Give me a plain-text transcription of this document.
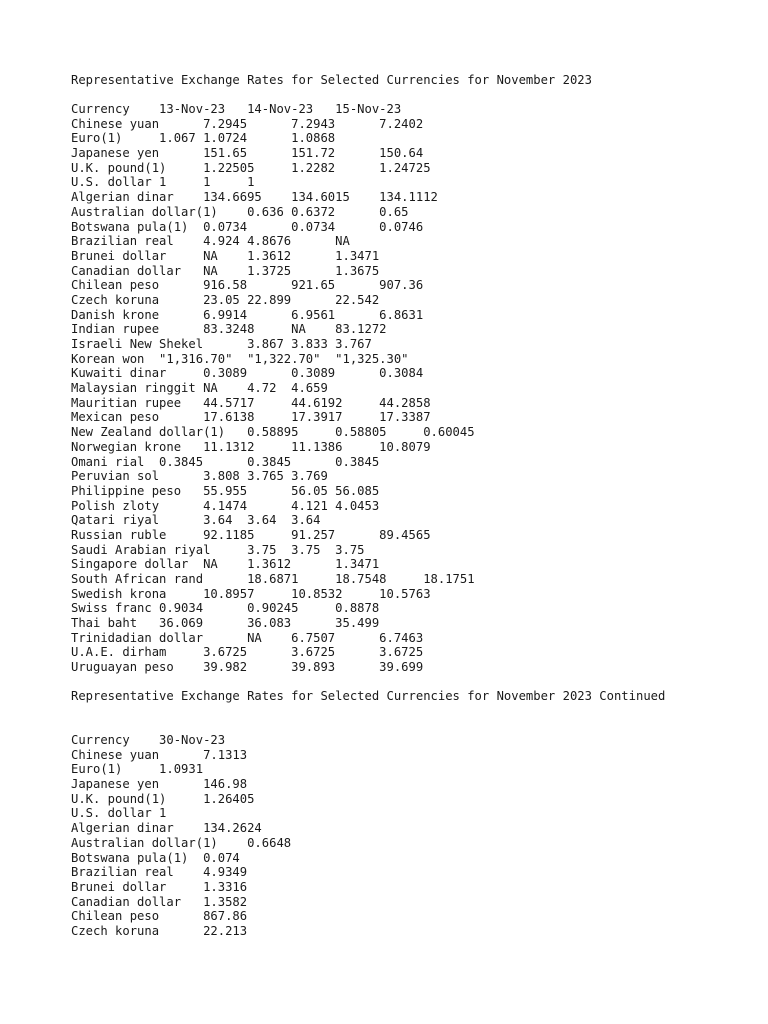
Representative Exchange Rates for Selected Currencies for November 2023
Currency    13-Nov-23   14-Nov-23   15-Nov-23
Chinese yuan      7.2945      7.2943      7.2402
Euro(1)     1.067 1.0724      1.0868
Japanese yen      151.65      151.72      150.64
U.K. pound(1)     1.22505     1.2282      1.24725
U.S. dollar 1     1     1
Algerian dinar    134.6695    134.6015    134.1112
Australian dollar(1)    0.636 0.6372      0.65
Botswana pula(1)  0.0734      0.0734      0.0746
Brazilian real    4.924 4.8676      NA
Brunei dollar     NA    1.3612      1.3471
Canadian dollar   NA    1.3725      1.3675
Chilean peso      916.58      921.65      907.36
Czech koruna      23.05 22.899      22.542
Danish krone      6.9914      6.9561      6.8631
Indian rupee      83.3248     NA    83.1272
Israeli New Shekel      3.867 3.833 3.767
Korean won  "1,316.70"  "1,322.70"  "1,325.30"
Kuwaiti dinar     0.3089      0.3089      0.3084
Malaysian ringgit NA    4.72  4.659
Mauritian rupee   44.5717     44.6192     44.2858
Mexican peso      17.6138     17.3917     17.3387
New Zealand dollar(1)   0.58895     0.58805     0.60045
Norwegian krone   11.1312     11.1386     10.8079
Omani rial  0.3845      0.3845      0.3845
Peruvian sol      3.808 3.765 3.769
Philippine peso   55.955      56.05 56.085
Polish zloty      4.1474      4.121 4.0453
Qatari riyal      3.64  3.64  3.64
Russian ruble     92.1185     91.257      89.4565
Saudi Arabian riyal     3.75  3.75  3.75
Singapore dollar  NA    1.3612      1.3471
South African rand      18.6871     18.7548     18.1751
Swedish krona     10.8957     10.8532     10.5763
Swiss franc 0.9034      0.90245     0.8878
Thai baht   36.069      36.083      35.499
Trinidadian dollar      NA    6.7507      6.7463
U.A.E. dirham     3.6725      3.6725      3.6725
Uruguayan peso    39.982      39.893      39.699
Representative Exchange Rates for Selected Currencies for November 2023 Continued
Currency    30-Nov-23
Chinese yuan      7.1313
Euro(1)     1.0931
Japanese yen      146.98
U.K. pound(1)     1.26405
U.S. dollar 1
Algerian dinar    134.2624
Australian dollar(1)    0.6648
Botswana pula(1)  0.074
Brazilian real    4.9349
Brunei dollar     1.3316
Canadian dollar   1.3582
Chilean peso      867.86
Czech koruna      22.213
